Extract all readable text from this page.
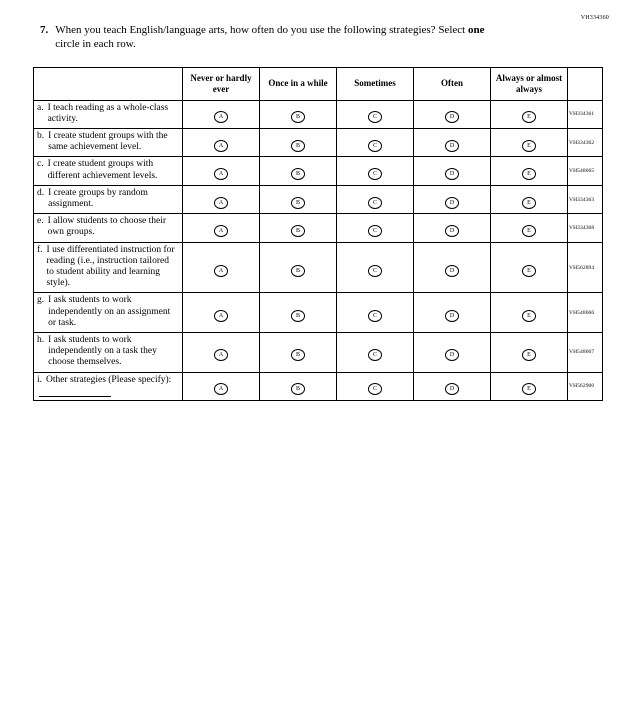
VH334360
7. When you teach English/language arts, how often do you use the following strategies? Select one circle in each row.
	Never or hardly ever	Once in a while	Sometimes	Often	Always or almost always	

a. I teach reading as a whole-class activity.	A	B	C	D	E	VH334361

b. I create student groups with the same achievement level.	A	B	C	D	E	VH334362

c. I create student groups with different achievement levels.	A	B	C	D	E	VH548665

d. I create groups by random assignment.	A	B	C	D	E	VH334363

e. I allow students to choose their own groups.	A	B	C	D	E	VH334368

f. I use differentiated instruction for reading (i.e., instruction tailored to student ability and learning style).	A	B	C	D	E	VH562894

g. I ask students to work independently on an assignment or task.	A	B	C	D	E	VH548666

h. I ask students to work independently on a task they choose themselves.	A	B	C	D	E	VH548667

i. Other strategies (Please specify):	A	B	C	D	E	VH562900
